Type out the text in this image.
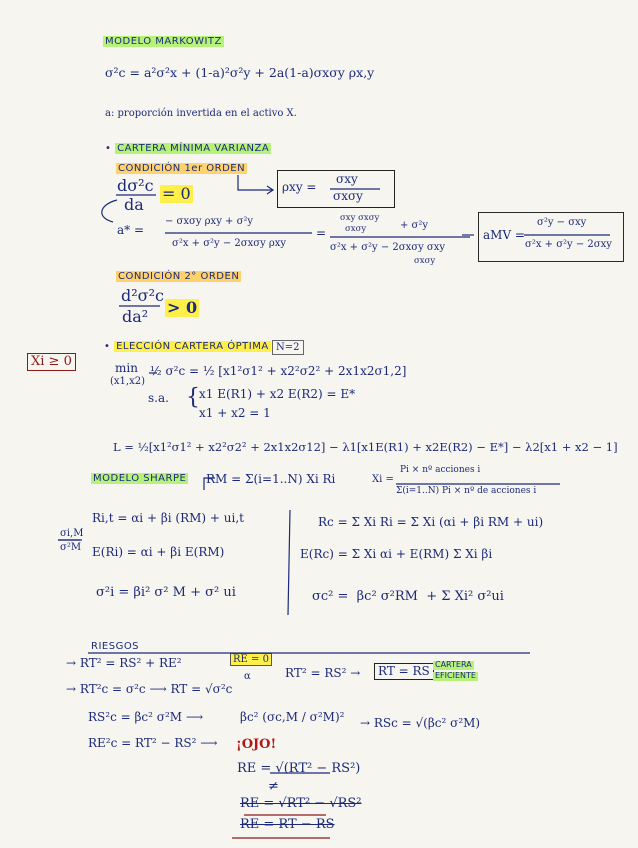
MODELO MARKOWITZ
σ²c = a²σ²x + (1-a)²σ²y + 2a(1-a)σxσy ρx,y
a: proporción invertida en el activo X.
• CARTERA MÍNIMA VARIANZA
CONDICIÓN 1er ORDEN
dσ²c
da
= 0	ρxy =
σxy
σxσy
a* =
− σxσy ρxy + σ²y
σ²x + σ²y − 2σxσy ρxy
=
σxy σxσy
σxσy	+ σ²y
σ²x + σ²y − 2σxσy σxy
σxσy
aMV =
σ²y − σxy
σ²x + σ²y − 2σxy
CONDICIÓN 2° ORDEN
d²σ²c
da² > 0
Xi ≥ 0
• ELECCIÓN CARTERA ÓPTIMA N=2
min
(x1,x2)
½ σ²c = ½ [x1²σ1² + x2²σ2² + 2x1x2σ1,2]
s.a. { x1 E(R1) + x2 E(R2) = E*
x1 + x2 = 1
L = ½[x1²σ1² + x2²σ2² + 2x1x2σ12] − λ1[x1E(R1) + x2E(R2) − E*] − λ2[x1 + x2 − 1]
MODELO SHARPE RM = Σ(i=1..N) Xi Ri	Xi =
Pi × nº acciones i
Σ(i=1..N) Pi × nº de acciones i
Ri,t = αi + βi (RM) + ui,t
σi,M
σ²M E(Ri) = αi + βi E(RM)
σ²i = βi² σ² M + σ² ui
Rc = Σ Xi Ri = Σ Xi (αi + βi RM + ui)
E(Rc) = Σ Xi αi + E(RM) Σ Xi βi
σc² =  βc² σ²RM  + Σ Xi² σ²ui
RIESGOS
→ RT² = RS² + RE²	RE = 0
α	RT² = RS² →	RT = RS CARTERA
EFICIENTE
→ RT²c = σ²c ⟶ RT = √σ²c
RS²c = βc² σ²M ⟶	βc² (σc,M / σ²M)² → RSc = √(βc² σ²M)
RE²c = RT² − RS² ⟶ ¡OJO!
RE = √(RT² − RS²)
≠
RE = √RT² − √RS²
RE = RT − RS
